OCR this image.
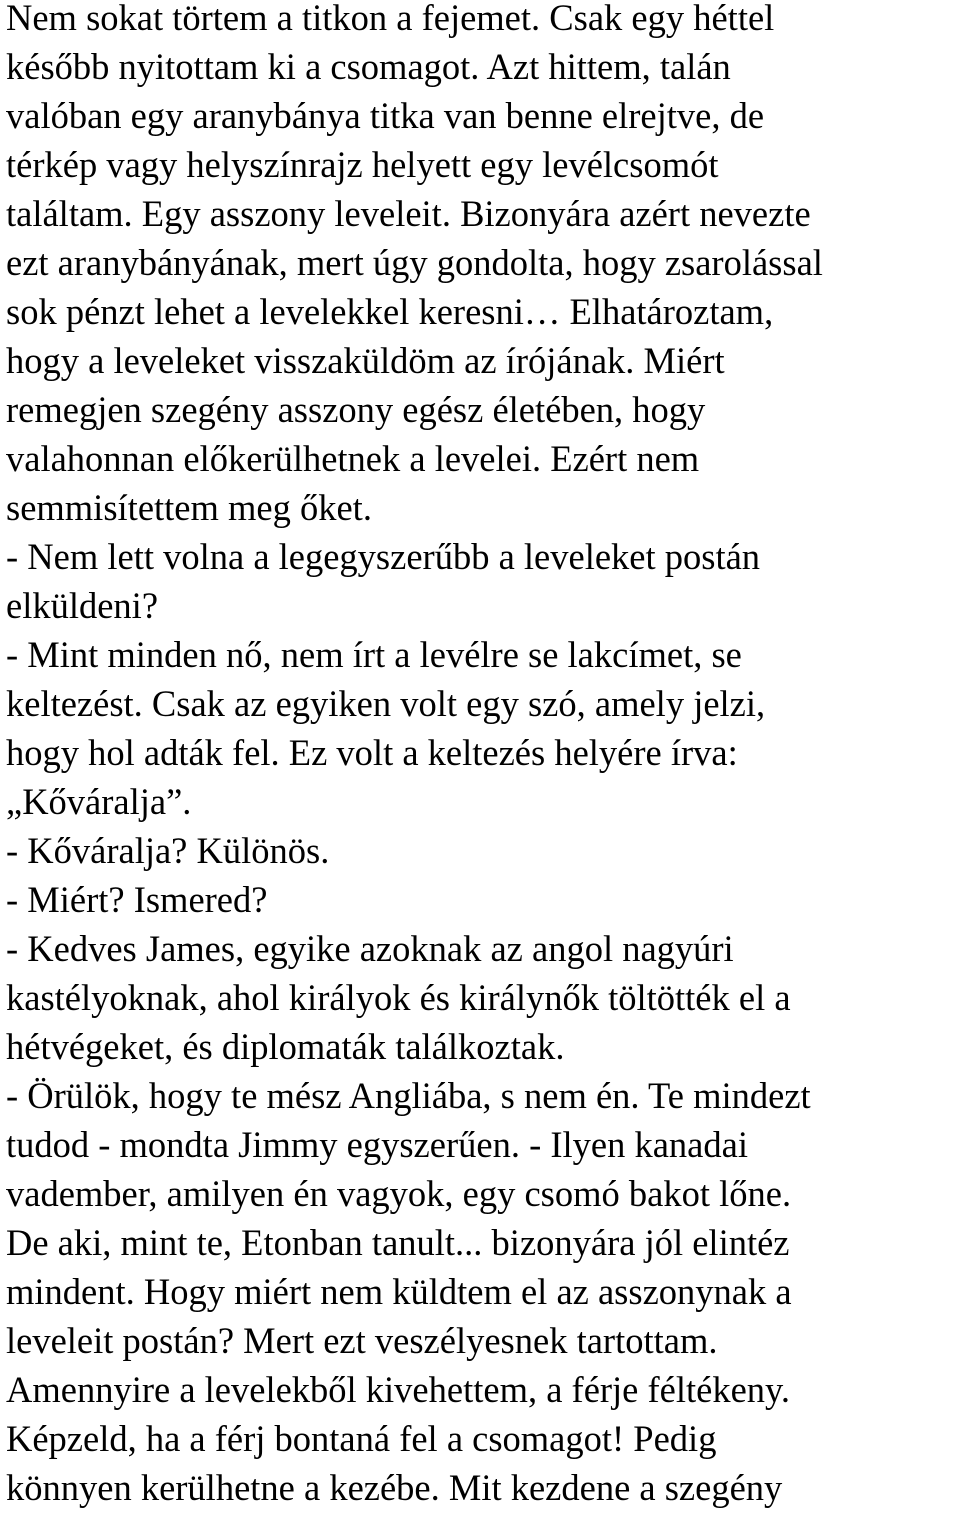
Nem sokat törtem a titkon a fejemet. Csak egy héttel

később nyitottam ki a csomagot. Azt hittem, talán

valóban egy aranybánya titka van benne elrejtve, de

térkép vagy helyszínrajz helyett egy levélcsomót

találtam. Egy asszony leveleit. Bizonyára azért nevezte

ezt aranybányának, mert úgy gondolta, hogy zsarolással

sok pénzt lehet a levelekkel keresni… Elhatároztam,

hogy a leveleket visszaküldöm az írójának. Miért

remegjen szegény asszony egész életében, hogy

valahonnan előkerülhetnek a levelei. Ezért nem

semmisítettem meg őket.

- Nem lett volna a legegyszerűbb a leveleket postán

elküldeni?

- Mint minden nő, nem írt a levélre se lakcímet, se

keltezést. Csak az egyiken volt egy szó, amely jelzi,

hogy hol adták fel. Ez volt a keltezés helyére írva:

„Kőváralja”.

- Kőváralja? Különös.

- Miért? Ismered?

- Kedves James, egyike azoknak az angol nagyúri

kastélyoknak, ahol királyok és királynők töltötték el a

hétvégeket, és diplomaták találkoztak.

- Örülök, hogy te mész Angliába, s nem én. Te mindezt

tudod - mondta Jimmy egyszerűen. - Ilyen kanadai

vadember, amilyen én vagyok, egy csomó bakot lőne.

De aki, mint te, Etonban tanult... bizonyára jól elintéz

mindent. Hogy miért nem küldtem el az asszonynak a

leveleit postán? Mert ezt veszélyesnek tartottam.

Amennyire a levelekből kivehettem, a férje féltékeny.

Képzeld, ha a férj bontaná fel a csomagot! Pedig

könnyen kerülhetne a kezébe. Mit kezdene a szegény
